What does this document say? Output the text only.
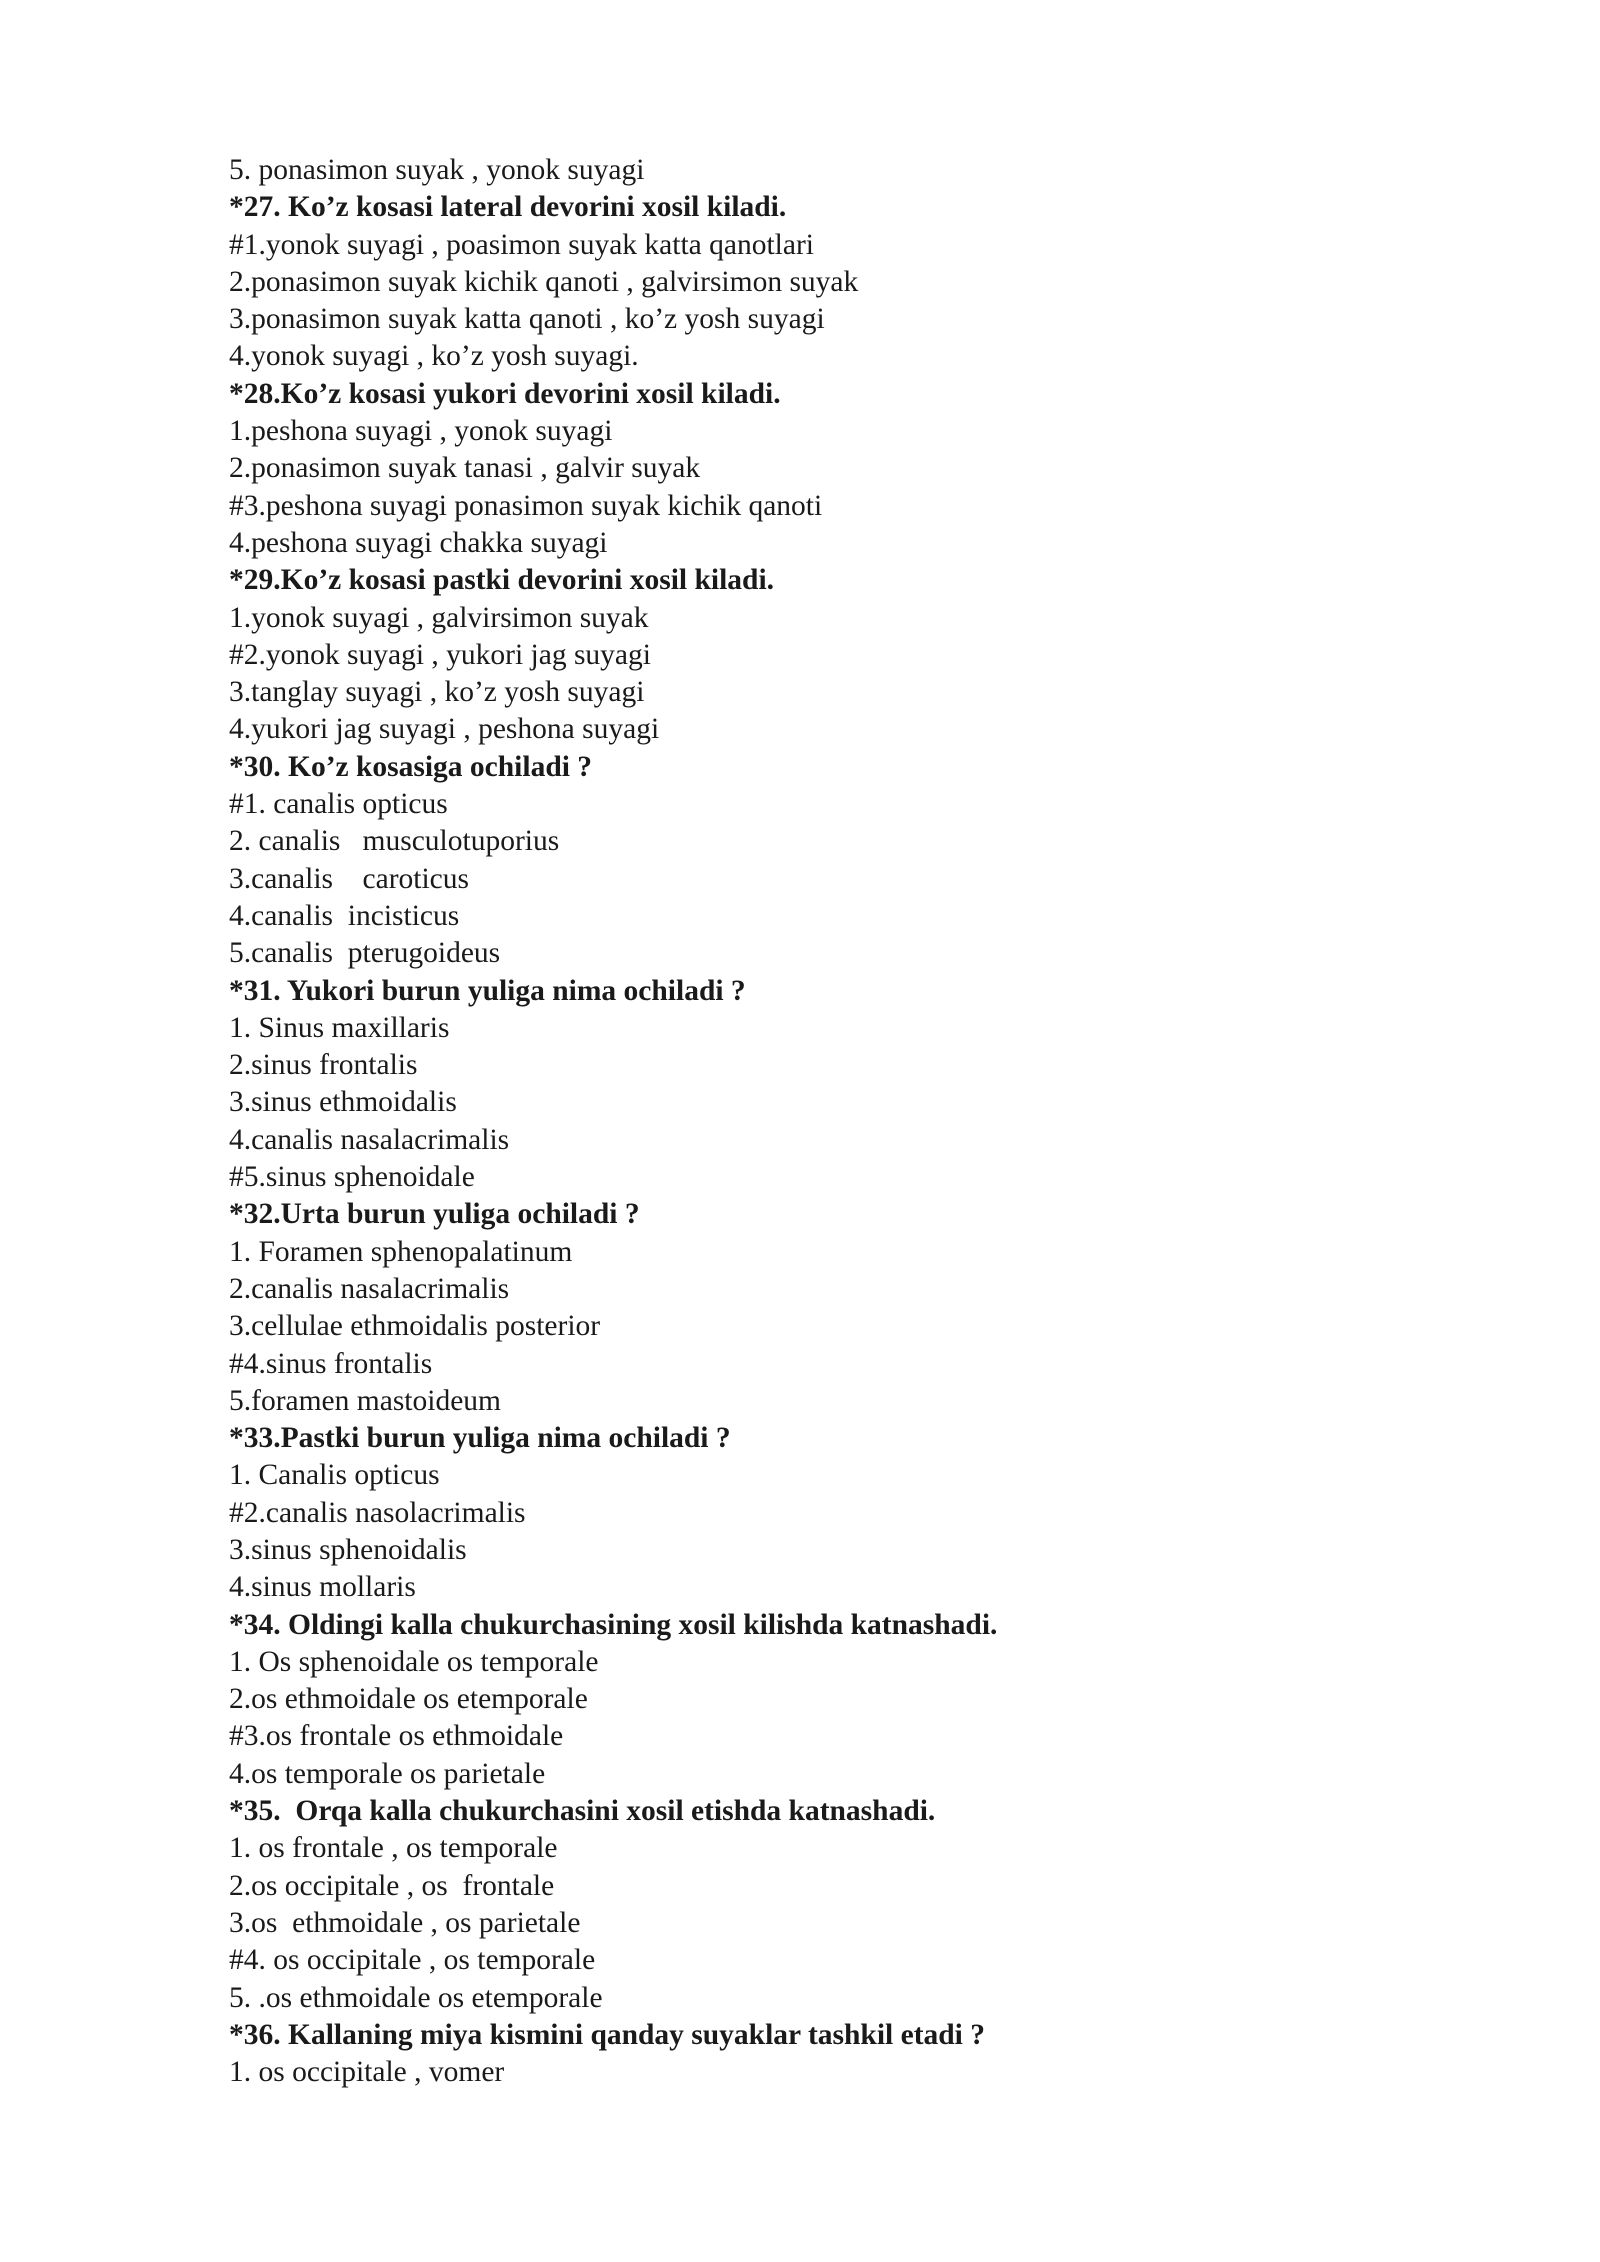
5. ponasimon suyak , yonok suyagi
*27. Ko’z kosasi lateral devorini xosil kiladi.
#1.yonok suyagi , poasimon suyak katta qanotlari
2.ponasimon suyak kichik qanoti , galvirsimon suyak
3.ponasimon suyak katta qanoti , ko’z yosh suyagi
4.yonok suyagi , ko’z yosh suyagi.
*28.Ko’z kosasi yukori devorini xosil kiladi.
1.peshona suyagi , yonok suyagi
2.ponasimon suyak tanasi , galvir suyak
#3.peshona suyagi ponasimon suyak kichik qanoti
4.peshona suyagi chakka suyagi
*29.Ko’z kosasi pastki devorini xosil kiladi.
1.yonok suyagi , galvirsimon suyak
#2.yonok suyagi , yukori jag suyagi
3.tanglay suyagi , ko’z yosh suyagi
4.yukori jag suyagi , peshona suyagi
*30. Ko’z kosasiga ochiladi ?
#1. canalis opticus
2. canalis   musculotuporius
3.canalis    caroticus
4.canalis  incisticus
5.canalis  pterugoideus
*31. Yukori burun yuliga nima ochiladi ?
1. Sinus maxillaris
2.sinus frontalis
3.sinus ethmoidalis
4.canalis nasalacrimalis
#5.sinus sphenoidale
*32.Urta burun yuliga ochiladi ?
1. Foramen sphenopalatinum
2.canalis nasalacrimalis
3.cellulae ethmoidalis posterior
#4.sinus frontalis
5.foramen mastoideum
*33.Pastki burun yuliga nima ochiladi ?
1. Canalis opticus
#2.canalis nasolacrimalis
3.sinus sphenoidalis
4.sinus mollaris
*34. Oldingi kalla chukurchasining xosil kilishda katnashadi.
1. Os sphenoidale os temporale
2.os ethmoidale os etemporale
#3.os frontale os ethmoidale
4.os temporale os parietale
*35.  Orqa kalla chukurchasini xosil etishda katnashadi.
1. os frontale , os temporale
2.os occipitale , os  frontale
3.os  ethmoidale , os parietale
#4. os occipitale , os temporale
5. .os ethmoidale os etemporale
*36. Kallaning miya kismini qanday suyaklar tashkil etadi ?
1. os occipitale , vomer
